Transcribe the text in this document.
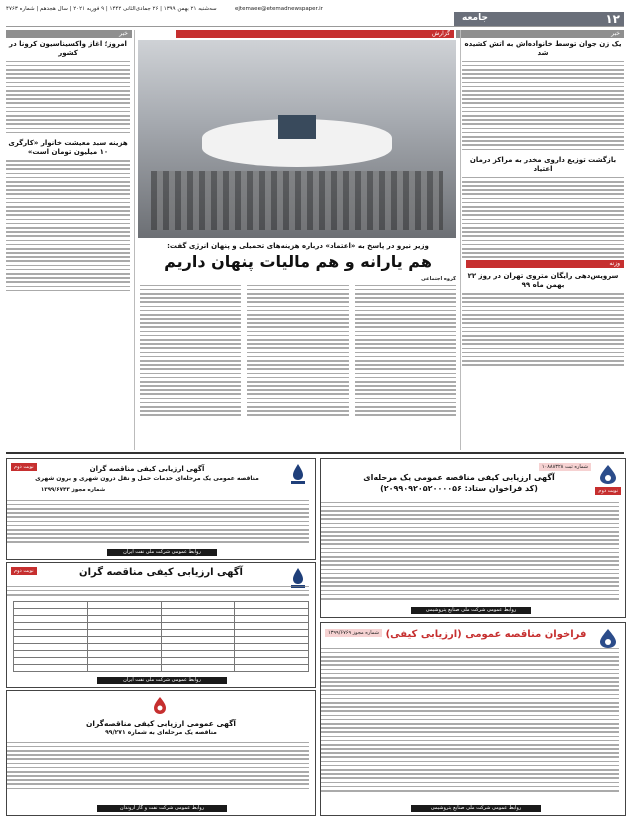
۱۲
جامعه
سه‌شنبه ۲۱ بهمن ۱۳۹۹ | ۲۶ جمادی‌الثانی ۱۴۴۲ | ۹ فوریه ۲۰۲۱ | سال هجدهم | شماره ۴۷۶۳	ejtemaee@etemadnewspaper.ir
خبر
یک زن جوان توسط خانواده‌اش به آتش کشیده شد
بازگشت توزیع داروی مخدر به مراکز درمان اعتیاد
وزنه
سرویس‌دهی رایگان متروی تهران در روز ۲۲ بهمن ماه ۹۹
گزارش
وزیر نیرو در پاسخ به «اعتماد» درباره هزینه‌های تحمیلی و پنهان انرژی گفت:
هم یارانه و هم مالیات پنهان داریم
گروه اجتماعی
خبر
امروز؛ آغاز واکسیناسیون کرونا در کشور
هزینه سبد معیشت خانوار «کارگری ۱۰ میلیون تومان است»
شماره ثبت ۱۰۸۸۸۳۲۸
آگهی ارزیابی کیفی مناقصه عمومی یک مرحله‌ای
(کد فراخوان ستاد: ۲۰۹۹۰۹۲۰۵۲۰۰۰۰۵۶)	نوبت دوم
روابط عمومی شرکت ملی صنایع پتروشیمی
نوبت دوم	آگهی ارزیابی کیفی مناقصه گران
مناقصه عمومی یک مرحله‌ای خدمات حمل و نقل درون شهری و برون شهری
شماره مجوز ۱۳۹۹/۶۷۴۳
روابط عمومی شرکت ملی نفت ایران
نوبت دوم	آگهی ارزیابی کیفی مناقصه گران

روابط عمومی شرکت ملی نفت ایران
شماره مجوز ۱۳۹۹/۶۷۶۹ فراخوان مناقصه عمومی (ارزیابی کیفی)
روابط عمومی شرکت ملی صنایع پتروشیمی
آگهی عمومی ارزیابی کیفی مناقصه‌گران
مناقصه یک مرحله‌ای به شماره ۹۹/۲۷۱
روابط عمومی شرکت نفت و گاز اروندان
